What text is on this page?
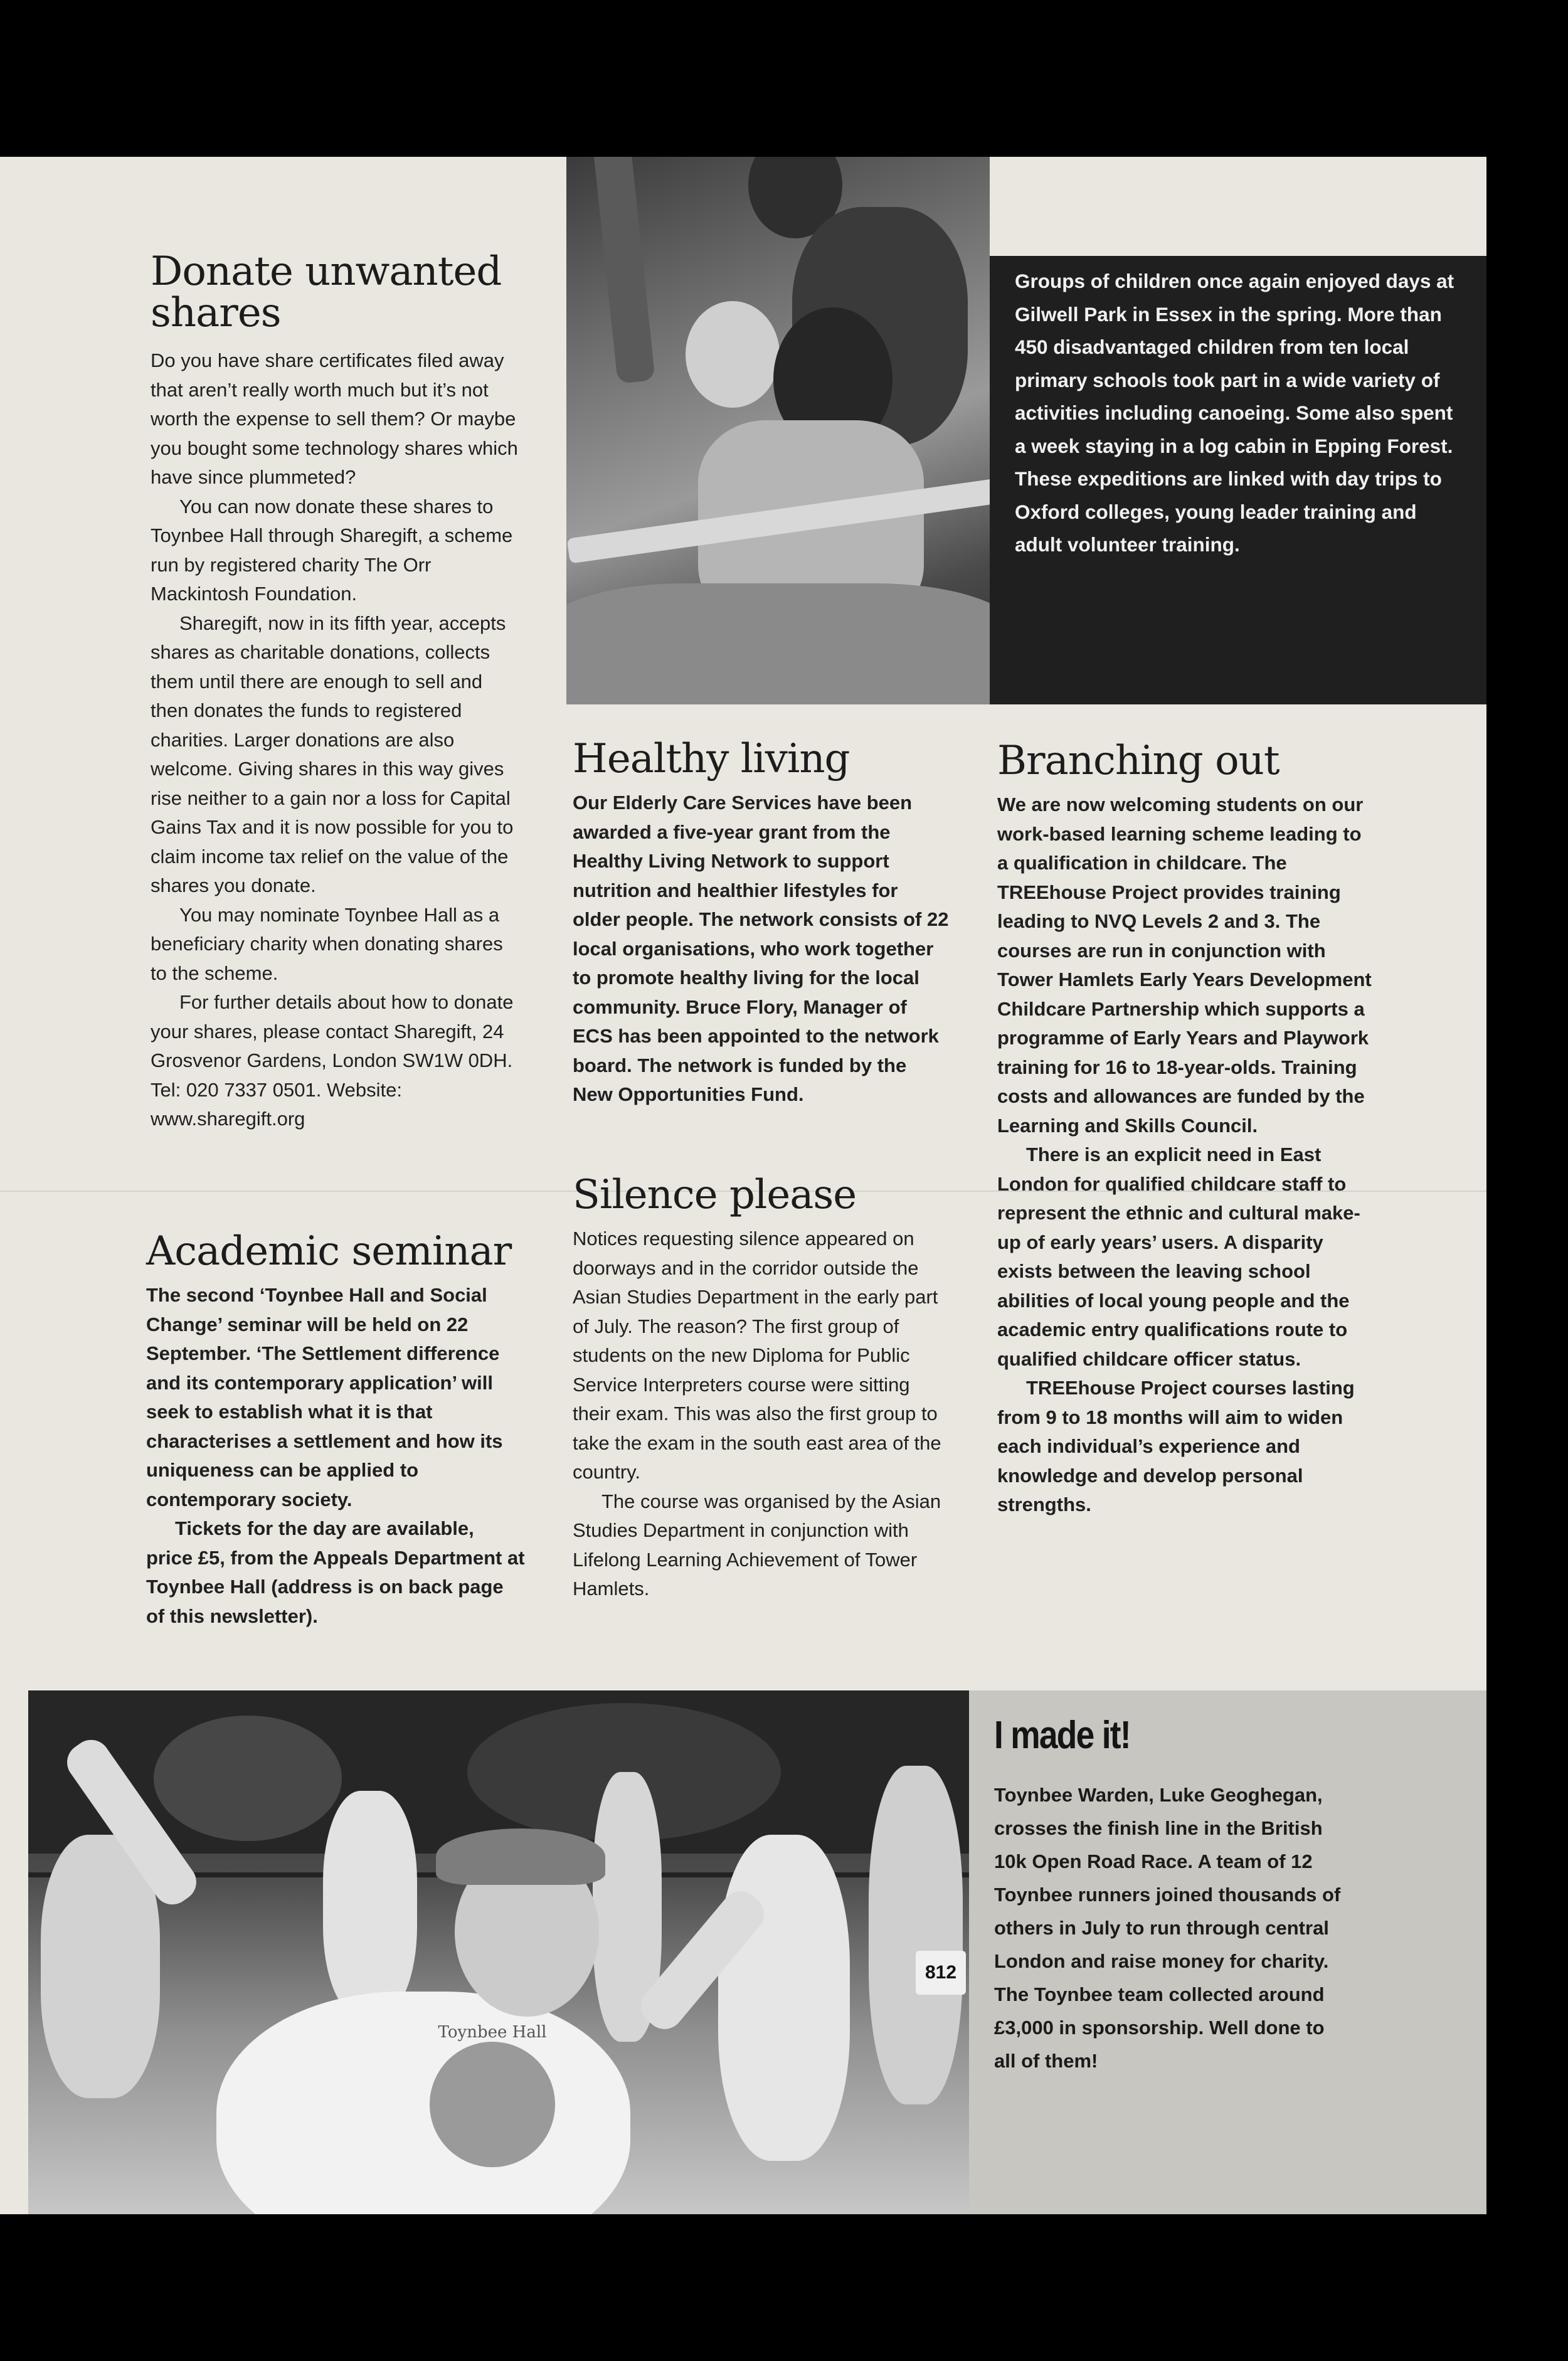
Groups of children once again enjoyed days at Gilwell Park in Essex in the spring. More than 450 disadvantaged children from ten local primary schools took part in a wide variety of activities including canoeing. Some also spent a week staying in a log cabin in Epping Forest. These expeditions are linked with day trips to Oxford colleges, young leader training and adult volunteer training.

Donate unwanted
shares

Do you have share certificates filed away that aren’t really worth much but it’s not worth the expense to sell them? Or maybe you bought some technology shares which have since plummeted?

You can now donate these shares to Toynbee Hall through Sharegift, a scheme run by registered charity The Orr Mackintosh Foundation.

Sharegift, now in its fifth year, accepts shares as charitable donations, collects them until there are enough to sell and then donates the funds to registered charities. Larger donations are also welcome. Giving shares in this way gives rise neither to a gain nor a loss for Capital Gains Tax and it is now possible for you to claim income tax relief on the value of the shares you donate.

You may nominate Toynbee Hall as a beneficiary charity when donating shares to the scheme.

For further details about how to donate your shares, please contact Sharegift, 24 Grosvenor Gardens, London SW1W 0DH. Tel: 020 7337 0501. Website: www.sharegift.org

Academic seminar

The second ‘Toynbee Hall and Social Change’ seminar will be held on 22 September. ‘The Settlement difference and its contemporary application’ will seek to establish what it is that characterises a settlement and how its uniqueness can be applied to contemporary society.

Tickets for the day are available, price £5, from the Appeals Department at Toynbee Hall (address is on back page of this newsletter).

Healthy living

Our Elderly Care Services have been awarded a five-year grant from the Healthy Living Network to support nutrition and healthier lifestyles for older people. The network consists of 22 local organisations, who work together to promote healthy living for the local community. Bruce Flory, Manager of ECS has been appointed to the network board. The network is funded by the New Opportunities Fund.

Silence please

Notices requesting silence appeared on doorways and in the corridor outside the Asian Studies Department in the early part of July. The reason? The first group of students on the new Diploma for Public Service Interpreters course were sitting their exam. This was also the first group to take the exam in the south east area of the country.

The course was organised by the Asian Studies Department in conjunction with Lifelong Learning Achievement of Tower Hamlets.

Branching out

We are now welcoming students on our work-based learning scheme leading to a qualification in childcare. The TREEhouse Project provides training leading to NVQ Levels 2 and 3. The courses are run in conjunction with Tower Hamlets Early Years Development Childcare Partnership which supports a programme of Early Years and Playwork training for 16 to 18-year-olds. Training costs and allowances are funded by the Learning and Skills Council.

There is an explicit need in East London for qualified childcare staff to represent the ethnic and cultural make-up of early years’ users. A disparity exists between the leaving school abilities of local young people and the academic entry qualifications route to qualified childcare officer status.

TREEhouse Project courses lasting from 9 to 18 months will aim to widen each individual’s experience and knowledge and develop personal strengths.

Toynbee Hall
812
I made it!

Toynbee Warden, Luke Geoghegan, crosses the finish line in the British 10k Open Road Race. A team of 12 Toynbee runners joined thousands of others in July to run through central London and raise money for charity. The Toynbee team collected around £3,000 in sponsorship. Well done to all of them!
